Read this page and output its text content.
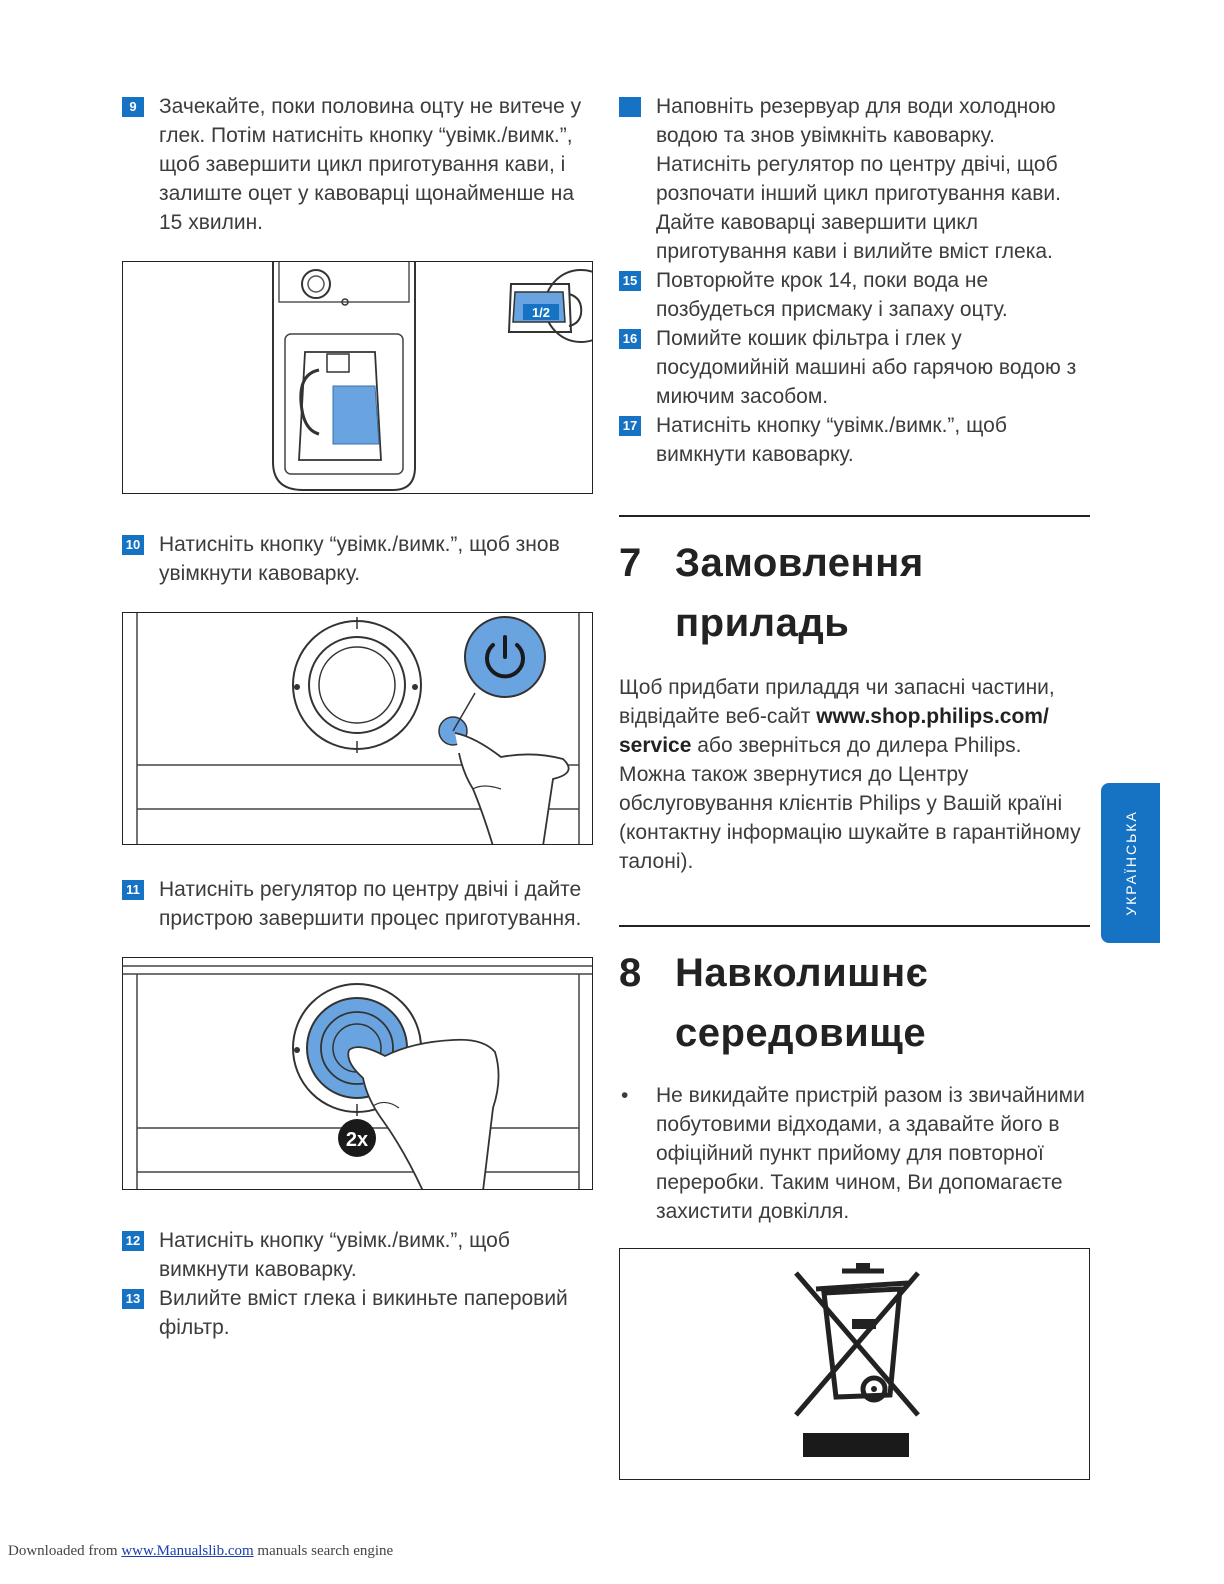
9	Зачекайте, поки половина оцту не витече у глек. Потім натисніть кнопку “увімк./вимк.”, щоб завершити цикл приготування кави, і залиште оцет у кавоварці щонайменше на 15 хвилин.

1/2

10 Натисніть кнопку “увімк./вимк.”, щоб знов увімкнути кавоварку.

11 Натисніть регулятор по центру двічі і дайте пристрою завершити процес приготування.

2x

12 Натисніть кнопку “увімк./вимк.”, щоб вимкнути кавоварку.

13 Вилийте вміст глека і викиньте паперовий фільтр.

Наповніть резервуар для води холодною водою та знов увімкніть кавоварку. Натисніть регулятор по центру двічі, щоб розпочати інший цикл приготування кави. Дайте кавоварці завершити цикл приготування кави і вилийте вміст глека.

15 Повторюйте крок 14, поки вода не позбудеться присмаку і запаху оцту.

16 Помийте кошик фільтра і глек у посудомийній машині або гарячою водою з миючим засобом.

17 Натисніть кнопку “увімк./вимк.”, щоб вимкнути кавоварку.

7 Замовлення
приладь

Щоб придбати приладдя чи запасні частини, відвідайте веб-сайт www.shop.philips.com/ service або зверніться до дилера Philips. Можна також звернутися до Центру обслуговування клієнтів Philips у Вашій країні (контактну інформацію шукайте в гарантійному талоні).

8 Навколишнє
середовище

• Не викидайте пристрій разом із звичайними побутовими відходами, а здавайте його в офіційний пункт прийому для повторної переробки. Таким чином, Ви допомагаєте захистити довкілля.

УКРАЇНСЬКА
Downloaded from www.Manualslib.com manuals search engine
